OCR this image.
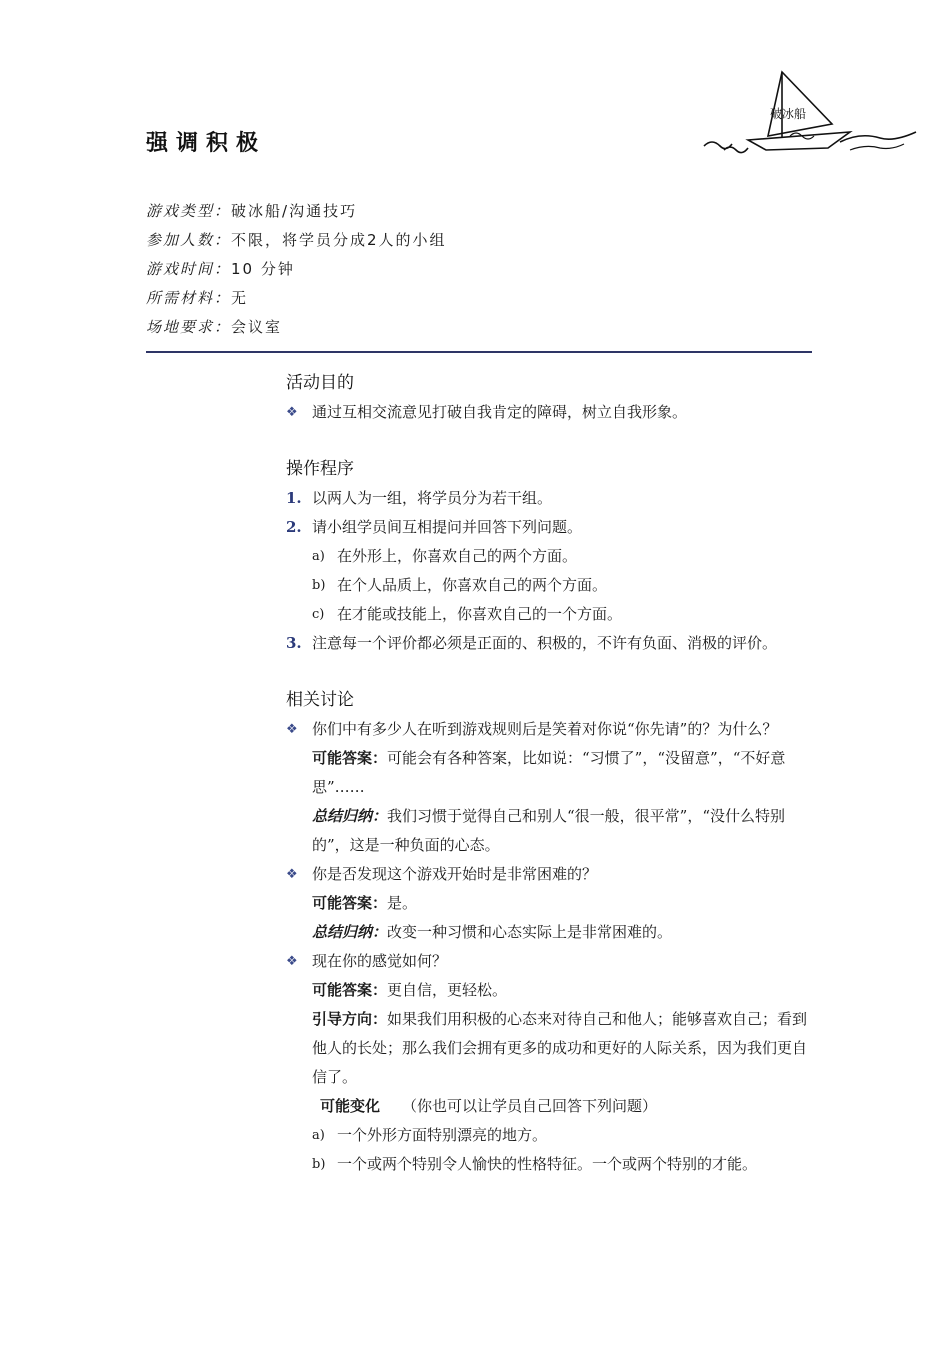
强调积极
破冰船
游戏类型：破冰船/沟通技巧
参加人数：不限，将学员分成2人的小组
游戏时间：10 分钟
所需材料：无
场地要求：会议室
活动目的
❖ 通过互相交流意见打破自我肯定的障碍，树立自我形象。
操作程序
1. 以两人为一组，将学员分为若干组。
2. 请小组学员间互相提问并回答下列问题。
a) 在外形上，你喜欢自己的两个方面。
b) 在个人品质上，你喜欢自己的两个方面。
c) 在才能或技能上，你喜欢自己的一个方面。
3. 注意每一个评价都必须是正面的、积极的，不许有负面、消极的评价。
相关讨论
❖ 你们中有多少人在听到游戏规则后是笑着对你说“你先请”的？为什么？
可能答案：可能会有各种答案，比如说：“习惯了”，“没留意”，“不好意思”……
总结归纳：我们习惯于觉得自己和别人“很一般，很平常”，“没什么特别的”，这是一种负面的心态。
❖ 你是否发现这个游戏开始时是非常困难的？
可能答案：是。
总结归纳：改变一种习惯和心态实际上是非常困难的。
❖ 现在你的感觉如何？
可能答案：更自信，更轻松。
引导方向：如果我们用积极的心态来对待自己和他人；能够喜欢自己；看到他人的长处；那么我们会拥有更多的成功和更好的人际关系，因为我们更自信了。
可能变化 （你也可以让学员自己回答下列问题）
a) 一个外形方面特别漂亮的地方。
b) 一个或两个特别令人愉快的性格特征。一个或两个特别的才能。
